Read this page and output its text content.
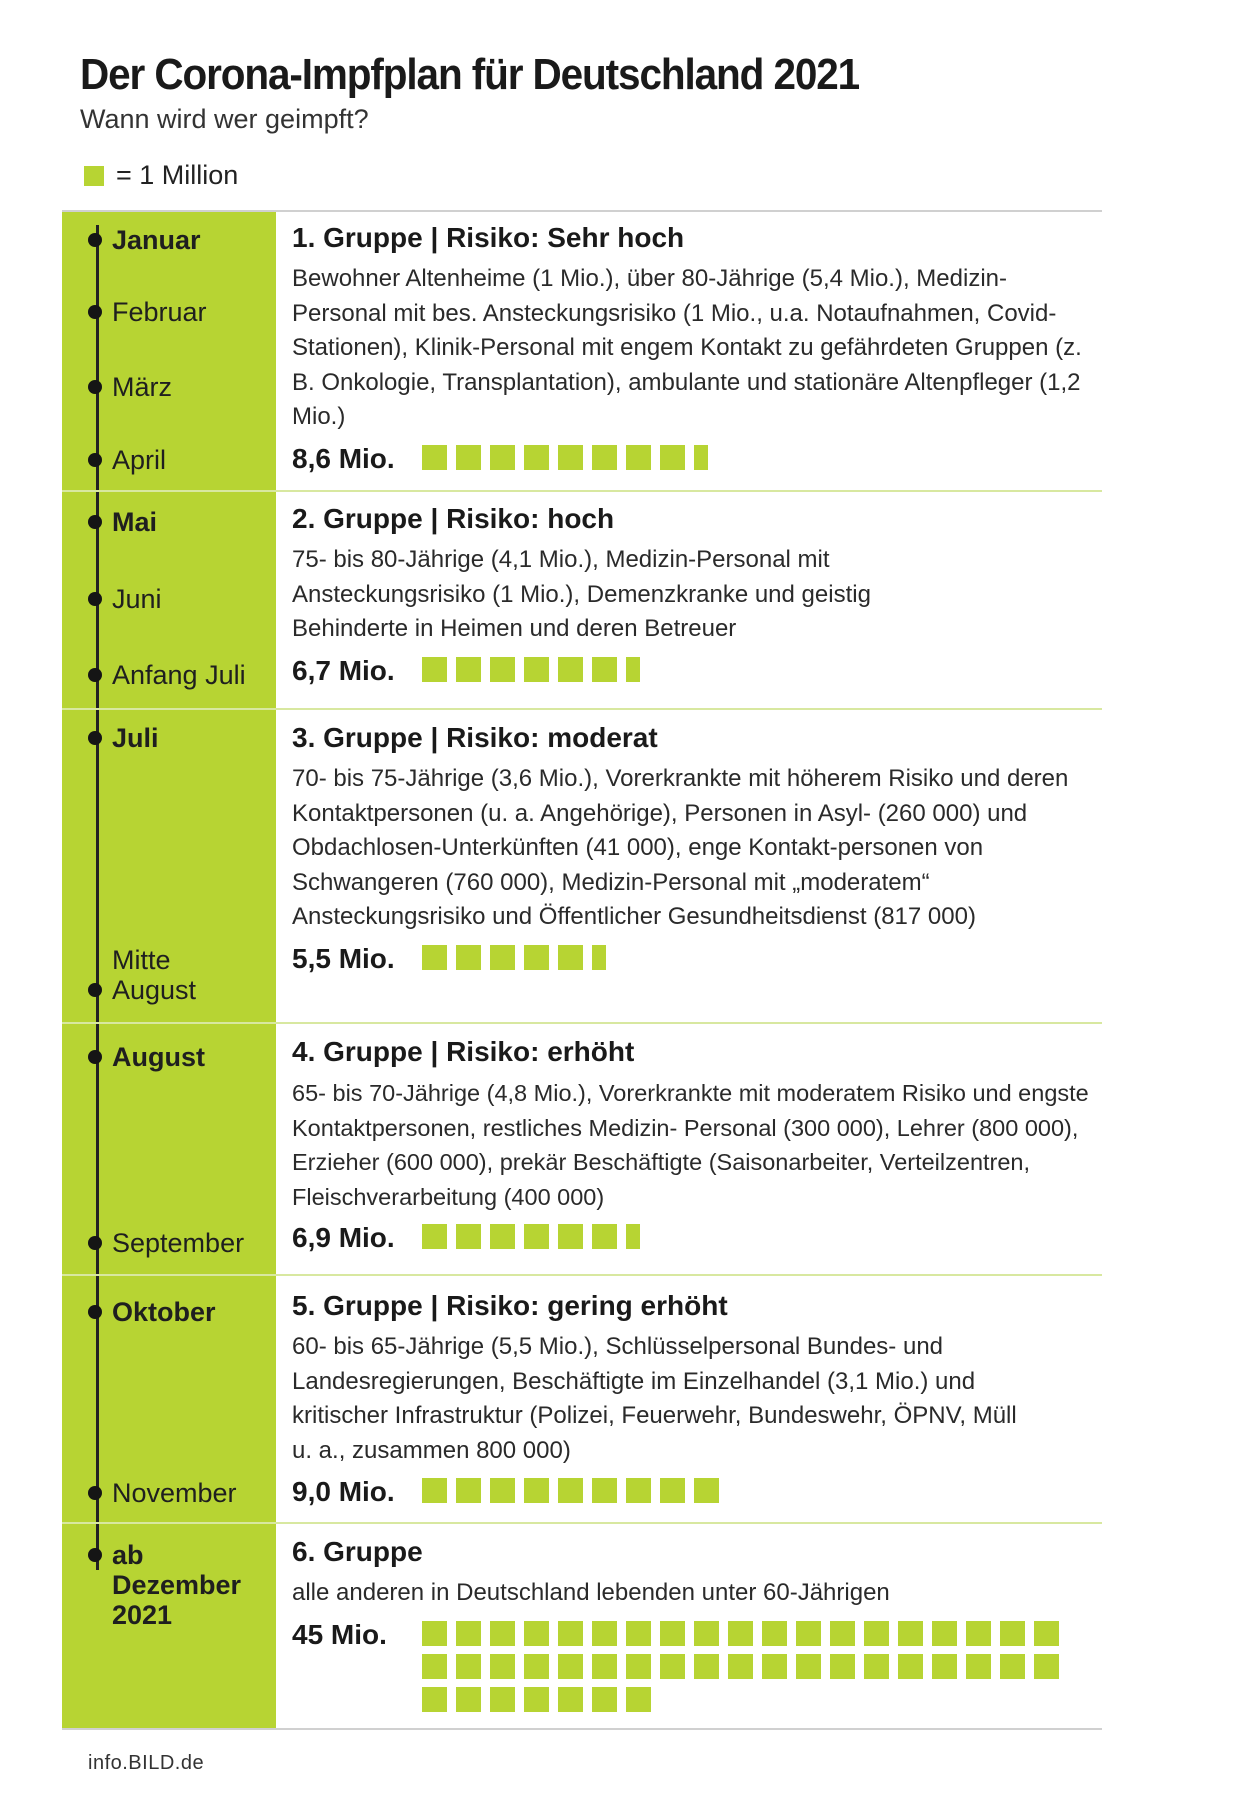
Der Corona-Impfplan für Deutschland 2021
Wann wird wer geimpft?
= 1 Million
Januar
Februar
März
April
Mai
Juni
Anfang Juli
Juli
Mitte August
August
September
Oktober
November
ab Dezember 2021
1. Gruppe | Risiko: Sehr hoch
Bewohner Altenheime (1 Mio.), über 80-Jährige (5,4 Mio.), Medizin-Personal mit bes. Ansteckungsrisiko (1 Mio., u.a. Notaufnahmen, Covid-Stationen), Klinik-Personal mit engem Kontakt zu gefährdeten Gruppen (z. B. Onkologie, Transplantation), ambulante und stationäre Altenpfleger (1,2 Mio.)
8,6 Mio.
2. Gruppe | Risiko: hoch
75- bis 80-Jährige (4,1 Mio.), Medizin-Personal mit Ansteckungsrisiko (1 Mio.), Demenzkranke und geistig Behinderte in Heimen und deren Betreuer
6,7 Mio.
3. Gruppe | Risiko: moderat
70- bis 75-Jährige (3,6 Mio.), Vorerkrankte mit höherem Risiko und deren Kontaktpersonen (u. a. Angehörige), Personen in Asyl- (260 000) und Obdachlosen-Unterkünften (41 000), enge Kontakt-personen von Schwangeren (760 000), Medizin-Personal mit „moderatem“ Ansteckungsrisiko und Öffentlicher Gesundheitsdienst (817 000)
5,5 Mio.
4. Gruppe | Risiko: erhöht
65- bis 70-Jährige (4,8 Mio.), Vorerkrankte mit moderatem Risiko und engste Kontaktpersonen, restliches Medizin- Personal (300 000), Lehrer (800 000), Erzieher (600 000), prekär Beschäftigte (Saisonarbeiter, Verteilzentren, Fleischverarbeitung (400 000)
6,9 Mio.
5. Gruppe | Risiko: gering erhöht
60- bis 65-Jährige (5,5 Mio.), Schlüsselpersonal Bundes- und Landesregierungen, Beschäftigte im Einzelhandel (3,1 Mio.) und kritischer Infrastruktur (Polizei, Feuerwehr, Bundeswehr, ÖPNV, Müll u. a., zusammen 800 000)
9,0 Mio.
6. Gruppe
alle anderen in Deutschland lebenden unter 60-Jährigen
45 Mio.
info.BILD.de
